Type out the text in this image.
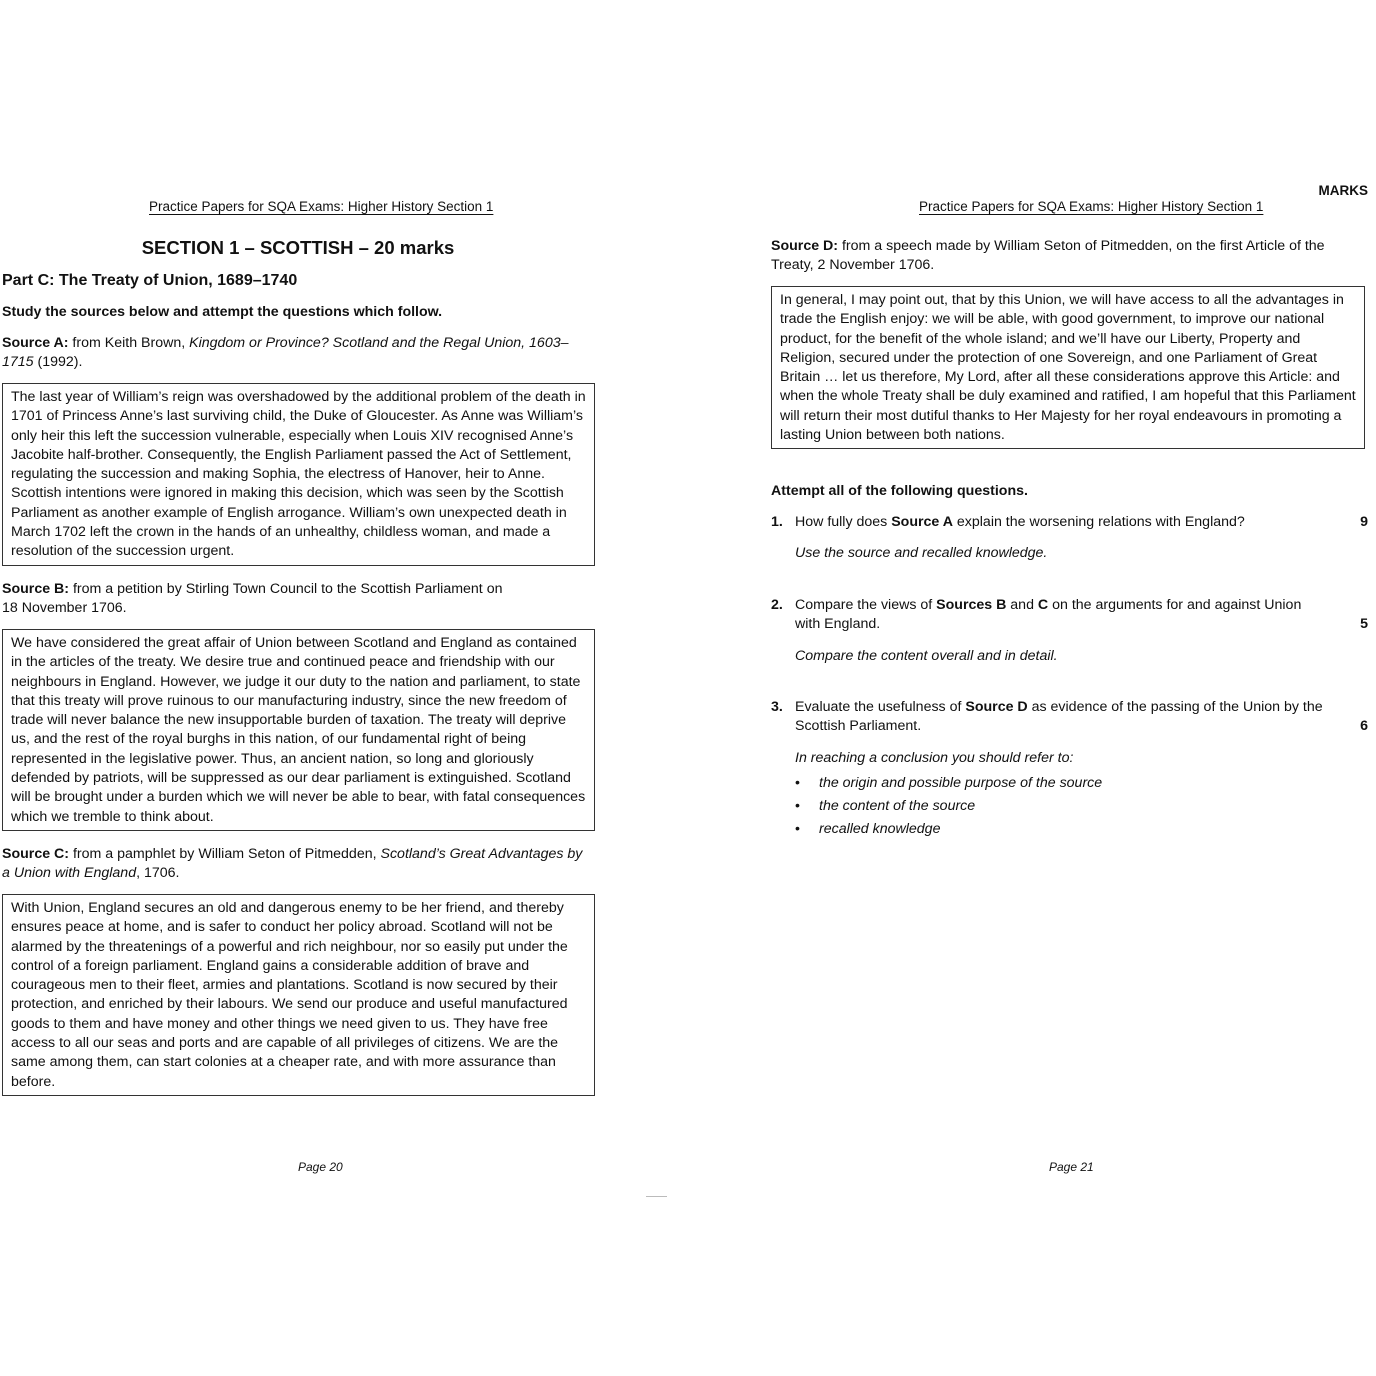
Practice Papers for SQA Exams: Higher History Section 1
SECTION 1 – SCOTTISH – 20 marks
Part C: The Treaty of Union, 1689–1740
Study the sources below and attempt the questions which follow.
Source A: from Keith Brown, Kingdom or Province? Scotland and the Regal Union, 1603–1715 (1992).
The last year of William’s reign was overshadowed by the additional problem of the death in 1701 of Princess Anne’s last surviving child, the Duke of Gloucester. As Anne was William’s only heir this left the succession vulnerable, especially when Louis XIV recognised Anne’s Jacobite half-brother. Consequently, the English Parliament passed the Act of Settlement, regulating the succession and making Sophia, the electress of Hanover, heir to Anne. Scottish intentions were ignored in making this decision, which was seen by the Scottish Parliament as another example of English arrogance. William’s own unexpected death in March 1702 left the crown in the hands of an unhealthy, childless woman, and made a resolution of the succession urgent.
Source B: from a petition by Stirling Town Council to the Scottish Parliament on 18 November 1706.
We have considered the great affair of Union between Scotland and England as contained in the articles of the treaty. We desire true and continued peace and friendship with our neighbours in England. However, we judge it our duty to the nation and parliament, to state that this treaty will prove ruinous to our manufacturing industry, since the new freedom of trade will never balance the new insupportable burden of taxation. The treaty will deprive us, and the rest of the royal burghs in this nation, of our fundamental right of being represented in the legislative power. Thus, an ancient nation, so long and gloriously defended by patriots, will be suppressed as our dear parliament is extinguished. Scotland will be brought under a burden which we will never be able to bear, with fatal consequences which we tremble to think about.
Source C: from a pamphlet by William Seton of Pitmedden, Scotland’s Great Advantages by a Union with England, 1706.
With Union, England secures an old and dangerous enemy to be her friend, and thereby ensures peace at home, and is safer to conduct her policy abroad. Scotland will not be alarmed by the threatenings of a powerful and rich neighbour, nor so easily put under the control of a foreign parliament. England gains a considerable addition of brave and courageous men to their fleet, armies and plantations. Scotland is now secured by their protection, and enriched by their labours. We send our produce and useful manufactured goods to them and have money and other things we need given to us. They have free access to all our seas and ports and are capable of all privileges of citizens. We are the same among them, can start colonies at a cheaper rate, and with more assurance than before.
Page 20
MARKS
Practice Papers for SQA Exams: Higher History Section 1
Source D: from a speech made by William Seton of Pitmedden, on the first Article of the Treaty, 2 November 1706.
In general, I may point out, that by this Union, we will have access to all the advantages in trade the English enjoy: we will be able, with good government, to improve our national product, for the benefit of the whole island; and we’ll have our Liberty, Property and Religion, secured under the protection of one Sovereign, and one Parliament of Great Britain … let us therefore, My Lord, after all these considerations approve this Article: and when the whole Treaty shall be duly examined and ratified, I am hopeful that this Parliament will return their most dutiful thanks to Her Majesty for her royal endeavours in promoting a lasting Union between both nations.
Attempt all of the following questions.
1.	9
How fully does Source A explain the worsening relations with England?
Use the source and recalled knowledge.
2.
5
Compare the views of Sources B and C on the arguments for and against Union with England.
Compare the content overall and in detail.
3.
6
Evaluate the usefulness of Source D as evidence of the passing of the Union by the Scottish Parliament.
In reaching a conclusion you should refer to:
• the origin and possible purpose of the source
• the content of the source
• recalled knowledge
Page 21
